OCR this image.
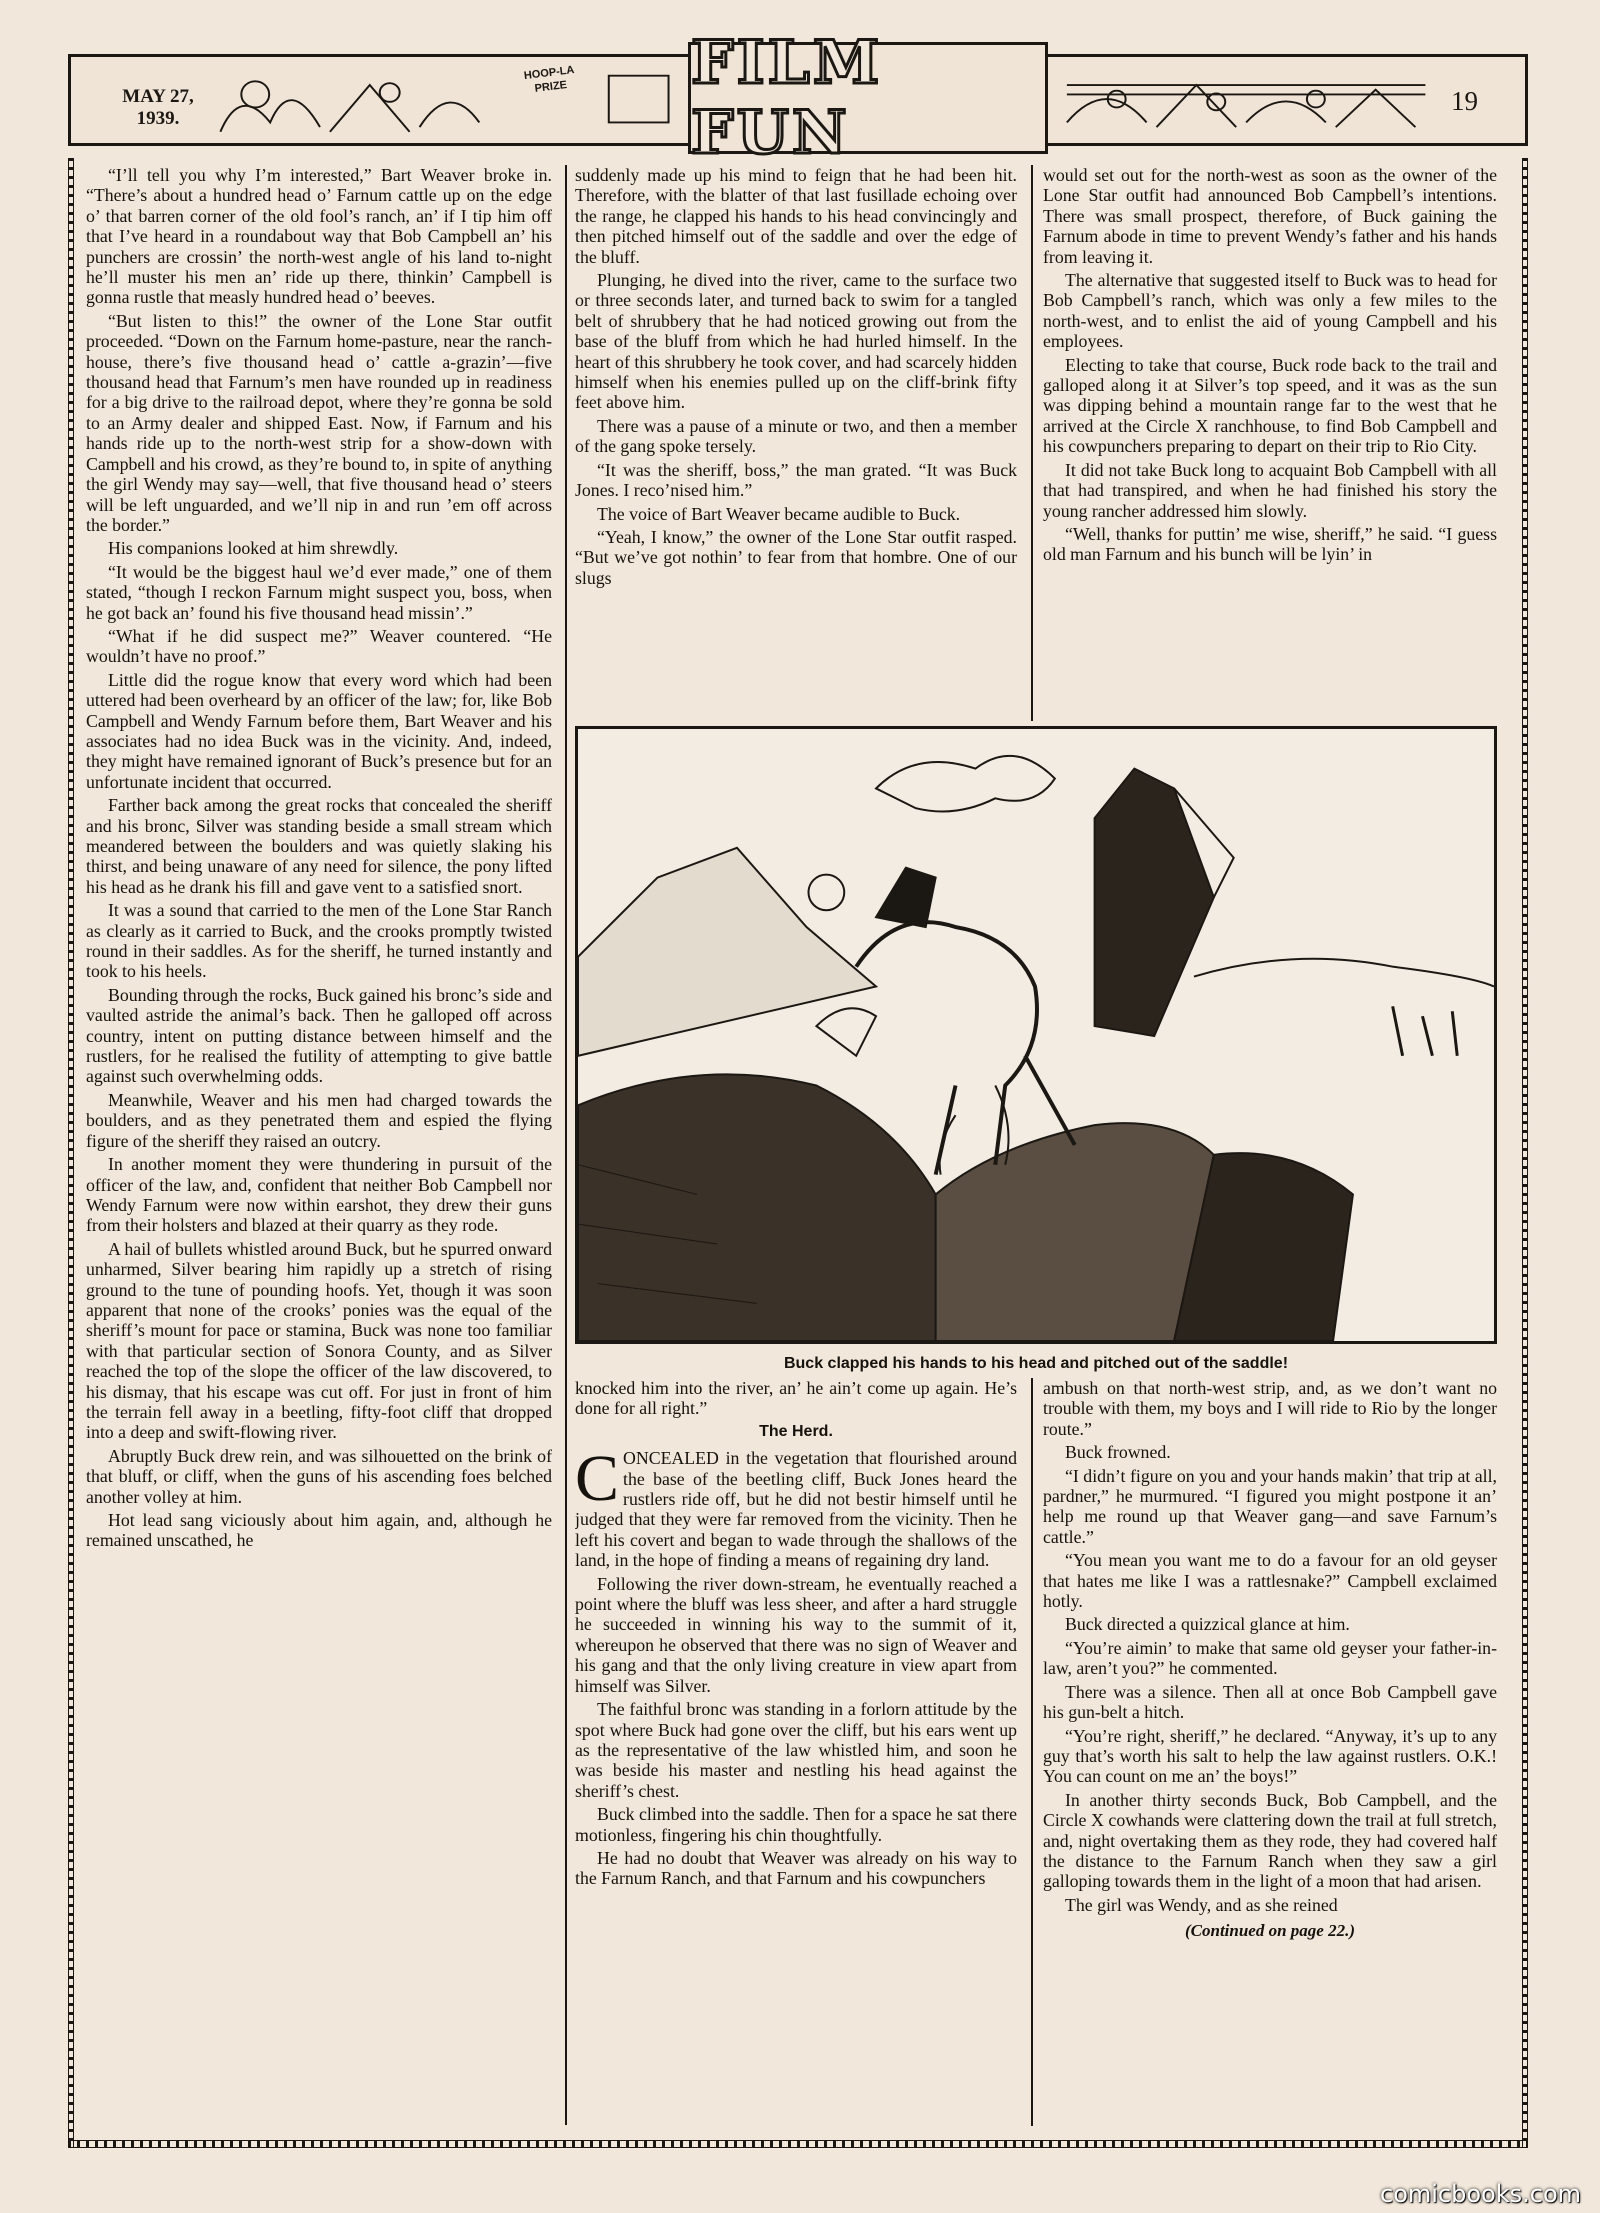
MAY 27,
1939.
HOOP-LA
PRIZE	FILM FUN	19

“I’ll tell you why I’m interested,” Bart Weaver broke in. “There’s about a hundred head o’ Farnum cattle up on the edge o’ that barren corner of the old fool’s ranch, an’ if I tip him off that I’ve heard in a roundabout way that Bob Campbell an’ his punchers are crossin’ the north-west angle of his land to-night he’ll muster his men an’ ride up there, thinkin’ Campbell is gonna rustle that measly hundred head o’ beeves.

“But listen to this!” the owner of the Lone Star outfit proceeded. “Down on the Farnum home-pasture, near the ranch-house, there’s five thousand head o’ cattle a-grazin’—five thousand head that Farnum’s men have rounded up in readiness for a big drive to the railroad depot, where they’re gonna be sold to an Army dealer and shipped East. Now, if Farnum and his hands ride up to the north-west strip for a show-down with Campbell and his crowd, as they’re bound to, in spite of anything the girl Wendy may say—well, that five thousand head o’ steers will be left unguarded, and we’ll nip in and run ’em off across the border.”

His companions looked at him shrewdly.

“It would be the biggest haul we’d ever made,” one of them stated, “though I reckon Farnum might suspect you, boss, when he got back an’ found his five thousand head missin’.”

“What if he did suspect me?” Weaver countered. “He wouldn’t have no proof.”

Little did the rogue know that every word which had been uttered had been overheard by an officer of the law; for, like Bob Campbell and Wendy Farnum before them, Bart Weaver and his associates had no idea Buck was in the vicinity. And, indeed, they might have remained ignorant of Buck’s presence but for an unfortunate incident that occurred.

Farther back among the great rocks that concealed the sheriff and his bronc, Silver was standing beside a small stream which meandered between the boulders and was quietly slaking his thirst, and being unaware of any need for silence, the pony lifted his head as he drank his fill and gave vent to a satisfied snort.

It was a sound that carried to the men of the Lone Star Ranch as clearly as it carried to Buck, and the crooks promptly twisted round in their saddles. As for the sheriff, he turned instantly and took to his heels.

Bounding through the rocks, Buck gained his bronc’s side and vaulted astride the animal’s back. Then he galloped off across country, intent on putting distance between himself and the rustlers, for he realised the futility of attempting to give battle against such overwhelming odds.

Meanwhile, Weaver and his men had charged towards the boulders, and as they penetrated them and espied the flying figure of the sheriff they raised an outcry.

In another moment they were thundering in pursuit of the officer of the law, and, confident that neither Bob Campbell nor Wendy Farnum were now within earshot, they drew their guns from their holsters and blazed at their quarry as they rode.

A hail of bullets whistled around Buck, but he spurred onward unharmed, Silver bearing him rapidly up a stretch of rising ground to the tune of pounding hoofs. Yet, though it was soon apparent that none of the crooks’ ponies was the equal of the sheriff’s mount for pace or stamina, Buck was none too familiar with that particular section of Sonora County, and as Silver reached the top of the slope the officer of the law discovered, to his dismay, that his escape was cut off. For just in front of him the terrain fell away in a beetling, fifty-foot cliff that dropped into a deep and swift-flowing river.

Abruptly Buck drew rein, and was silhouetted on the brink of that bluff, or cliff, when the guns of his ascending foes belched another volley at him.

Hot lead sang viciously about him again, and, although he remained unscathed, he

suddenly made up his mind to feign that he had been hit. Therefore, with the blatter of that last fusillade echoing over the range, he clapped his hands to his head convincingly and then pitched himself out of the saddle and over the edge of the bluff.

Plunging, he dived into the river, came to the surface two or three seconds later, and turned back to swim for a tangled belt of shrubbery that he had noticed growing out from the base of the bluff from which he had hurled himself. In the heart of this shrubbery he took cover, and had scarcely hidden himself when his enemies pulled up on the cliff-brink fifty feet above him.

There was a pause of a minute or two, and then a member of the gang spoke tersely.

“It was the sheriff, boss,” the man grated. “It was Buck Jones. I reco’nised him.”

The voice of Bart Weaver became audible to Buck.

“Yeah, I know,” the owner of the Lone Star outfit rasped. “But we’ve got nothin’ to fear from that hombre. One of our slugs

would set out for the north-west as soon as the owner of the Lone Star outfit had announced Bob Campbell’s intentions. There was small prospect, therefore, of Buck gaining the Farnum abode in time to prevent Wendy’s father and his hands from leaving it.

The alternative that suggested itself to Buck was to head for Bob Campbell’s ranch, which was only a few miles to the north-west, and to enlist the aid of young Campbell and his employees.

Electing to take that course, Buck rode back to the trail and galloped along it at Silver’s top speed, and it was as the sun was dipping behind a mountain range far to the west that he arrived at the Circle X ranchhouse, to find Bob Campbell and his cowpunchers preparing to depart on their trip to Rio City.

It did not take Buck long to acquaint Bob Campbell with all that had transpired, and when he had finished his story the young rancher addressed him slowly.

“Well, thanks for puttin’ me wise, sheriff,” he said. “I guess old man Farnum and his bunch will be lyin’ in

Buck clapped his hands to his head and pitched out of the saddle!

knocked him into the river, an’ he ain’t come up again. He’s done for all right.”

The Herd.

CONCEALED in the vegetation that flourished around the base of the beetling cliff, Buck Jones heard the rustlers ride off, but he did not bestir himself until he judged that they were far removed from the vicinity. Then he left his covert and began to wade through the shallows of the land, in the hope of finding a means of regaining dry land.

Following the river down-stream, he eventually reached a point where the bluff was less sheer, and after a hard struggle he succeeded in winning his way to the summit of it, whereupon he observed that there was no sign of Weaver and his gang and that the only living creature in view apart from himself was Silver.

The faithful bronc was standing in a forlorn attitude by the spot where Buck had gone over the cliff, but his ears went up as the representative of the law whistled him, and soon he was beside his master and nestling his head against the sheriff’s chest.

Buck climbed into the saddle. Then for a space he sat there motionless, fingering his chin thoughtfully.

He had no doubt that Weaver was already on his way to the Farnum Ranch, and that Farnum and his cowpunchers

ambush on that north-west strip, and, as we don’t want no trouble with them, my boys and I will ride to Rio by the longer route.”

Buck frowned.

“I didn’t figure on you and your hands makin’ that trip at all, pardner,” he murmured. “I figured you might postpone it an’ help me round up that Weaver gang—and save Farnum’s cattle.”

“You mean you want me to do a favour for an old geyser that hates me like I was a rattlesnake?” Campbell exclaimed hotly.

Buck directed a quizzical glance at him.

“You’re aimin’ to make that same old geyser your father-in-law, aren’t you?” he commented.

There was a silence. Then all at once Bob Campbell gave his gun-belt a hitch.

“You’re right, sheriff,” he declared. “Anyway, it’s up to any guy that’s worth his salt to help the law against rustlers. O.K.! You can count on me an’ the boys!”

In another thirty seconds Buck, Bob Campbell, and the Circle X cowhands were clattering down the trail at full stretch, and, night overtaking them as they rode, they had covered half the distance to the Farnum Ranch when they saw a girl galloping towards them in the light of a moon that had arisen.

The girl was Wendy, and as she reined

(Continued on page 22.)
comicbooks.com
